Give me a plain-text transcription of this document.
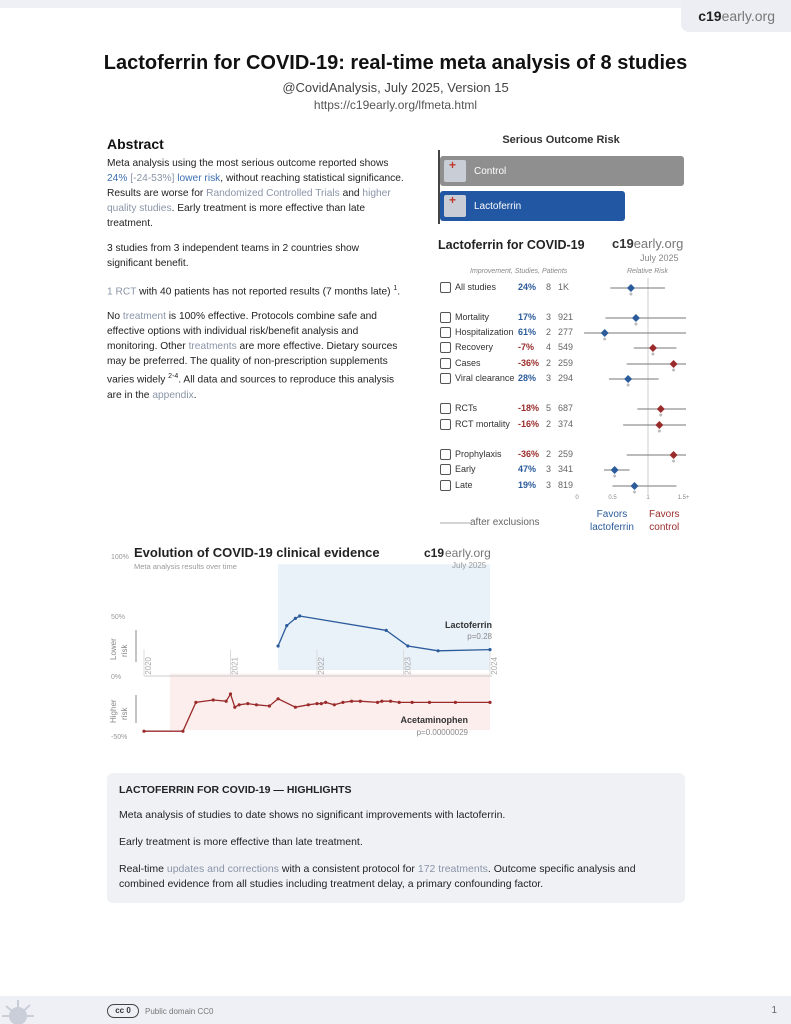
c19early.org
Lactoferrin for COVID-19: real-time meta analysis of 8 studies
@CovidAnalysis, July 2025, Version 15
https://c19early.org/lfmeta.html
Abstract

Meta analysis using the most serious outcome reported shows 24% [-24-53%] lower risk, without reaching statistical significance. Results are worse for Randomized Controlled Trials and higher quality studies. Early treatment is more effective than late treatment.

3 studies from 3 independent teams in 2 countries show significant benefit.

1 RCT with 40 patients has not reported results (7 months late) $^1$.

No treatment is 100% effective. Protocols combine safe and effective options with individual risk/benefit analysis and monitoring. Other treatments are more effective. Dietary sources may be preferred. The quality of non-prescription supplements varies widely $^{2-4}$. All data and sources to reproduce this analysis are in the appendix.

Serious Outcome Risk
+
Control
+
Lactoferrin
Lactoferrin for COVID-19 c19early.org
July 2025
Improvement, Studies, Patients	Relative Risk
All studies 24% 8 1K
Mortality	17% 3 921
Hospitalization 61% 2 277
Recovery	-7% 4 549
Cases	-36% 2 259
Viral clearance 28% 3 294
RCTs	-18% 5 687
RCT mortality -16% 2 374
Prophylaxis -36% 2 259
Early	47% 3 341
Late	19% 3 819
0	0.5	1	1.5+
after exclusions
Favors
lactoferrin
Favors
control
2020	2021	2022	2023	2024
100%
50%
0%
-50%
Evolution of COVID-19 clinical evidence
Meta analysis results over time
c19 early.org
July 2025
Lower risk
Higher risk
Lactoferrin
p=0.28
Acetaminophen
p=0.00000029
LACTOFERRIN FOR COVID-19 — HIGHLIGHTS
Meta analysis of studies to date shows no significant improvements with lactoferrin.
Early treatment is more effective than late treatment.
Real-time updates and corrections with a consistent protocol for 172 treatments. Outcome specific analysis and combined evidence from all studies including treatment delay, a primary confounding factor.
cc 0	Public domain CC0	1
